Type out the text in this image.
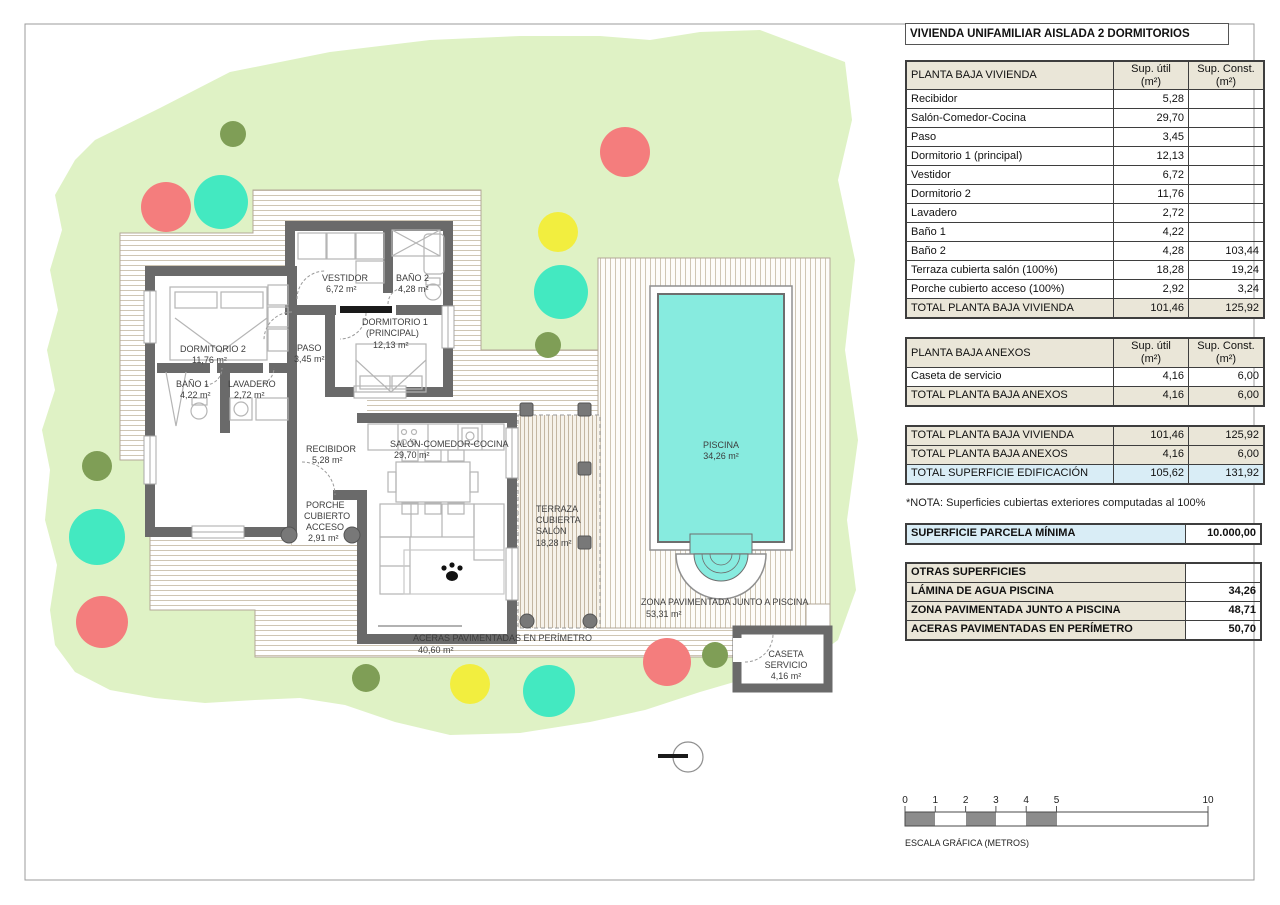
VESTIDOR
6,72 m²
BAÑO 2
4,28 m²
DORMITORIO 1
(PRINCIPAL)
12,13 m²
DORMITORIO 2
11,76 m²
PASO
3,45 m²
BAÑO 1
4,22 m²
LAVADERO
2,72 m²
RECIBIDOR
5,28 m²
SALÓN-COMEDOR-COCINA
29,70 m²
PORCHE
CUBIERTO
ACCESO
2,91 m²
TERRAZA
CUBIERTA
SALÓN
18,28 m²
PISCINA
34,26 m²
ZONA PAVIMENTADA JUNTO A PISCINA
53,31 m²
ACERAS PAVIMENTADAS EN PERÍMETRO
40,60 m²	CASETA
SERVICIO
4,16 m²
0 1 2 3 4 5	10
ESCALA GRÁFICA (METROS)
VIVIENDA UNIFAMILIAR AISLADA 2 DORMITORIOS
PLANTA BAJA VIVIENDA	
Sup. útil
(m²)

Sup. Const.
(m²)

Recibidor	5,28	
Salón-Comedor-Cocina	29,70	
Paso	3,45	
Dormitorio 1 (principal)	12,13	
Vestidor	6,72	
Dormitorio 2	11,76	
Lavadero	2,72	
Baño 1	4,22	
Baño 2	4,28	103,44
Terraza cubierta salón (100%)	18,28	19,24
Porche cubierto acceso (100%)	2,92	3,24
TOTAL PLANTA BAJA VIVIENDA	101,46	125,92
PLANTA BAJA ANEXOS	
Sup. útil
(m²)

Sup. Const.
(m²)

Caseta de servicio	4,16	6,00
TOTAL PLANTA BAJA ANEXOS	4,16	6,00
TOTAL PLANTA BAJA VIVIENDA	101,46	125,92
TOTAL PLANTA BAJA ANEXOS	4,16	6,00
TOTAL SUPERFICIE EDIFICACIÓN	105,62	131,92
*NOTA: Superficies cubiertas exteriores computadas al 100%
SUPERFICIE PARCELA MÍNIMA	10.000,00
OTRAS SUPERFICIES	
LÁMINA DE AGUA PISCINA	34,26
ZONA PAVIMENTADA JUNTO A PISCINA	48,71
ACERAS PAVIMENTADAS EN PERÍMETRO	50,70
